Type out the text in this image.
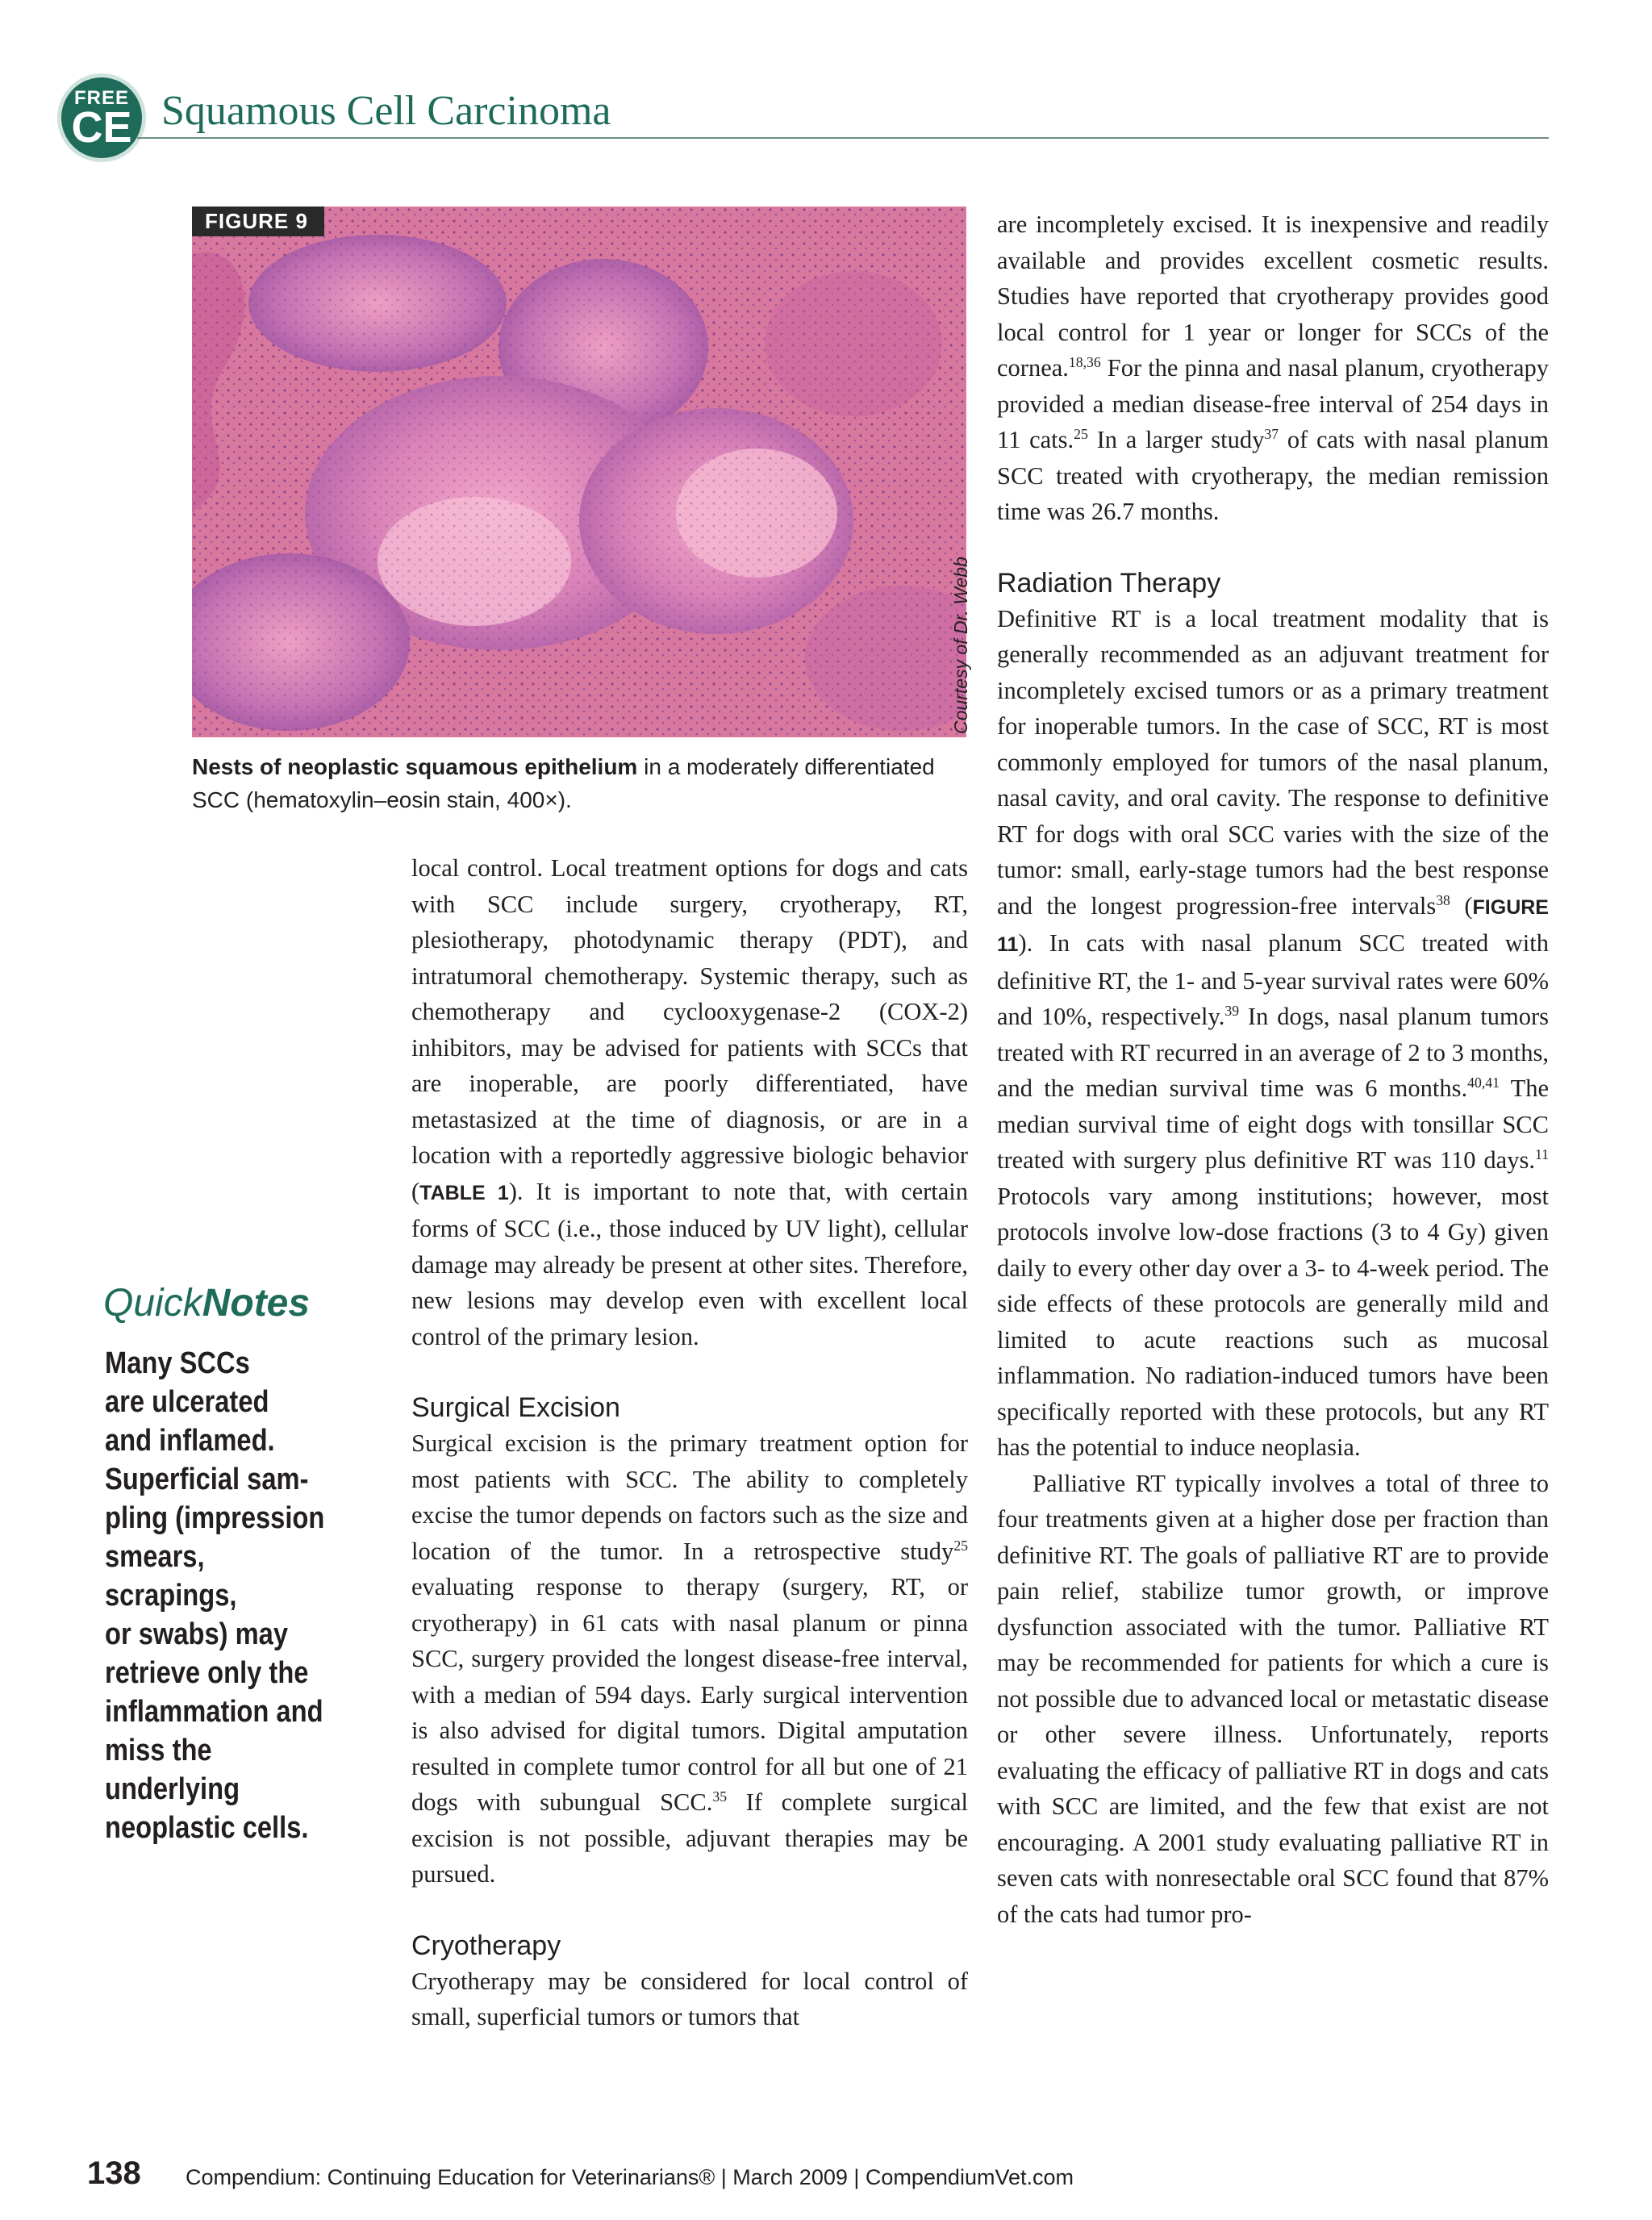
FREE
CE Squamous Cell Carcinoma
FIGURE 9
Courtesy of Dr. Webb
Nests of neoplastic squamous epithelium in a moderately differentiated SCC (hematoxylin–eosin stain, 400×).
QuickNotes
Many SCCs
are ulcerated
and inflamed.
Superficial sam-
pling (impression
smears, scrapings,
or swabs) may
retrieve only the
inflammation and
miss the underlying
neoplastic cells.

local control. Local treatment options for dogs and cats with SCC include surgery, cryotherapy, RT, plesiotherapy, photodynamic therapy (PDT), and intratumoral chemotherapy. Systemic therapy, such as chemotherapy and cyclooxygenase-2 (COX-2) inhibitors, may be advised for patients with SCCs that are inoperable, are poorly differentiated, have metastasized at the time of diagnosis, or are in a location with a reportedly aggressive biologic behavior (TABLE 1). It is important to note that, with certain forms of SCC (i.e., those induced by UV light), cellular damage may already be present at other sites. Therefore, new lesions may develop even with excellent local control of the primary lesion.

Surgical Excision

Surgical excision is the primary treatment option for most patients with SCC. The ability to completely excise the tumor depends on factors such as the size and location of the tumor. In a retrospective study$^{25}$ evaluating response to therapy (surgery, RT, or cryotherapy) in 61 cats with nasal planum or pinna SCC, surgery provided the longest disease-free interval, with a median of 594 days. Early surgical intervention is also advised for digital tumors. Digital amputation resulted in complete tumor control for all but one of 21 dogs with subungual SCC.$^{35}$ If complete surgical excision is not possible, adjuvant therapies may be pursued.

Cryotherapy

Cryotherapy may be considered for local control of small, superficial tumors or tumors that

are incompletely excised. It is inexpensive and readily available and provides excellent cosmetic results. Studies have reported that cryotherapy provides good local control for 1 year or longer for SCCs of the cornea.$^{18,36}$ For the pinna and nasal planum, cryotherapy provided a median disease-free interval of 254 days in 11 cats.$^{25}$ In a larger study$^{37}$ of cats with nasal planum SCC treated with cryotherapy, the median remission time was 26.7 months.

Radiation Therapy

Definitive RT is a local treatment modality that is generally recommended as an adjuvant treatment for incompletely excised tumors or as a primary treatment for inoperable tumors. In the case of SCC, RT is most commonly employed for tumors of the nasal planum, nasal cavity, and oral cavity. The response to definitive RT for dogs with oral SCC varies with the size of the tumor: small, early-stage tumors had the best response and the longest progression-free intervals$^{38}$ (FIGURE 11). In cats with nasal planum SCC treated with definitive RT, the 1- and 5-year survival rates were 60% and 10%, respectively.$^{39}$ In dogs, nasal planum tumors treated with RT recurred in an average of 2 to 3 months, and the median survival time was 6 months.$^{40,41}$ The median survival time of eight dogs with tonsillar SCC treated with surgery plus definitive RT was 110 days.$^{11}$ Protocols vary among institutions; however, most protocols involve low-dose fractions (3 to 4 Gy) given daily to every other day over a 3- to 4-week period. The side effects of these protocols are generally mild and limited to acute reactions such as mucosal inflammation. No radiation-induced tumors have been specifically reported with these protocols, but any RT has the potential to induce neoplasia.

Palliative RT typically involves a total of three to four treatments given at a higher dose per fraction than definitive RT. The goals of palliative RT are to provide pain relief, stabilize tumor growth, or improve dysfunction associated with the tumor. Palliative RT may be recommended for patients for which a cure is not possible due to advanced local or metastatic disease or other severe illness. Unfortunately, reports evaluating the efficacy of palliative RT in dogs and cats with SCC are limited, and the few that exist are not encouraging. A 2001 study evaluating palliative RT in seven cats with nonresectable oral SCC found that 87% of the cats had tumor pro-

138 Compendium: Continuing Education for Veterinarians® | March 2009 | CompendiumVet.com
